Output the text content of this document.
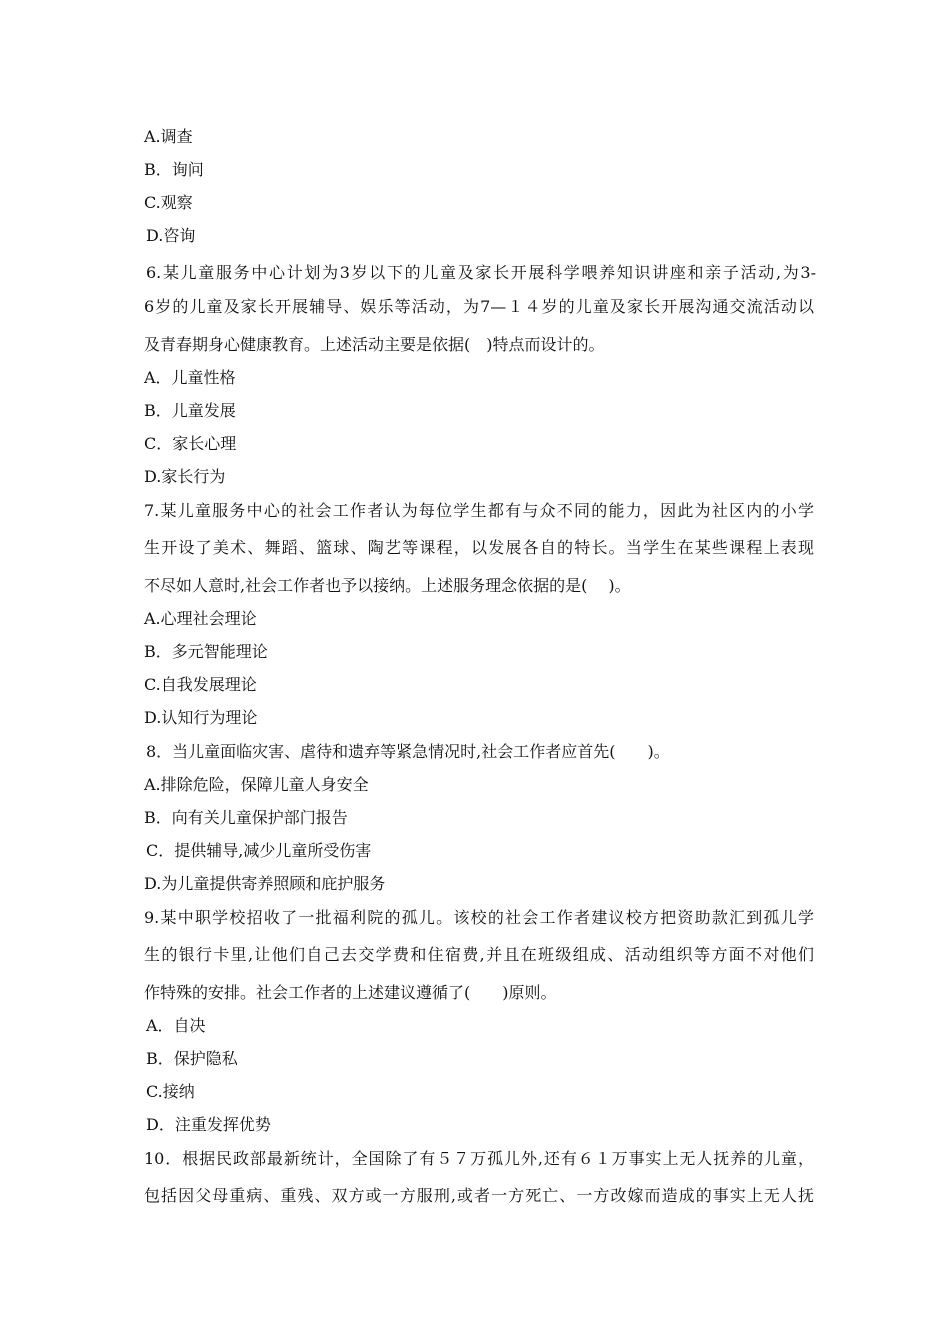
A.调查
B．询问
C.观察
D.咨询
6.某儿童服务中心计划为3岁以下的儿童及家长开展科学喂养知识讲座和亲子活动,为3-
6岁的儿童及家长开展辅导、娱乐等活动，为7—１４岁的儿童及家长开展沟通交流活动以
及青春期身心健康教育。上述活动主要是依据(　)特点而设计的。
A．儿童性格
B．儿童发展
C．家长心理
D.家长行为
7.某儿童服务中心的社会工作者认为每位学生都有与众不同的能力，因此为社区内的小学
生开设了美术、舞蹈、篮球、陶艺等课程，以发展各自的特长。当学生在某些课程上表现
不尽如人意时,社会工作者也予以接纳。上述服务理念依据的是(　 )。
A.心理社会理论
B．多元智能理论
C.自我发展理论
D.认知行为理论
8．当儿童面临灾害、虐待和遗弃等紧急情况时,社会工作者应首先(　　)。
A.排除危险，保障儿童人身安全
B．向有关儿童保护部门报告
C．提供辅导,减少儿童所受伤害
D.为儿童提供寄养照顾和庇护服务
9.某中职学校招收了一批福利院的孤儿。该校的社会工作者建议校方把资助款汇到孤儿学
生的银行卡里,让他们自己去交学费和住宿费,并且在班级组成、活动组织等方面不对他们
作特殊的安排。社会工作者的上述建议遵循了(　　)原则。
A．自决
B．保护隐私
C.接纳
D．注重发挥优势
10．根据民政部最新统计，全国除了有５７万孤儿外,还有６１万事实上无人抚养的儿童，
包括因父母重病、重残、双方或一方服刑,或者一方死亡、一方改嫁而造成的事实上无人抚
